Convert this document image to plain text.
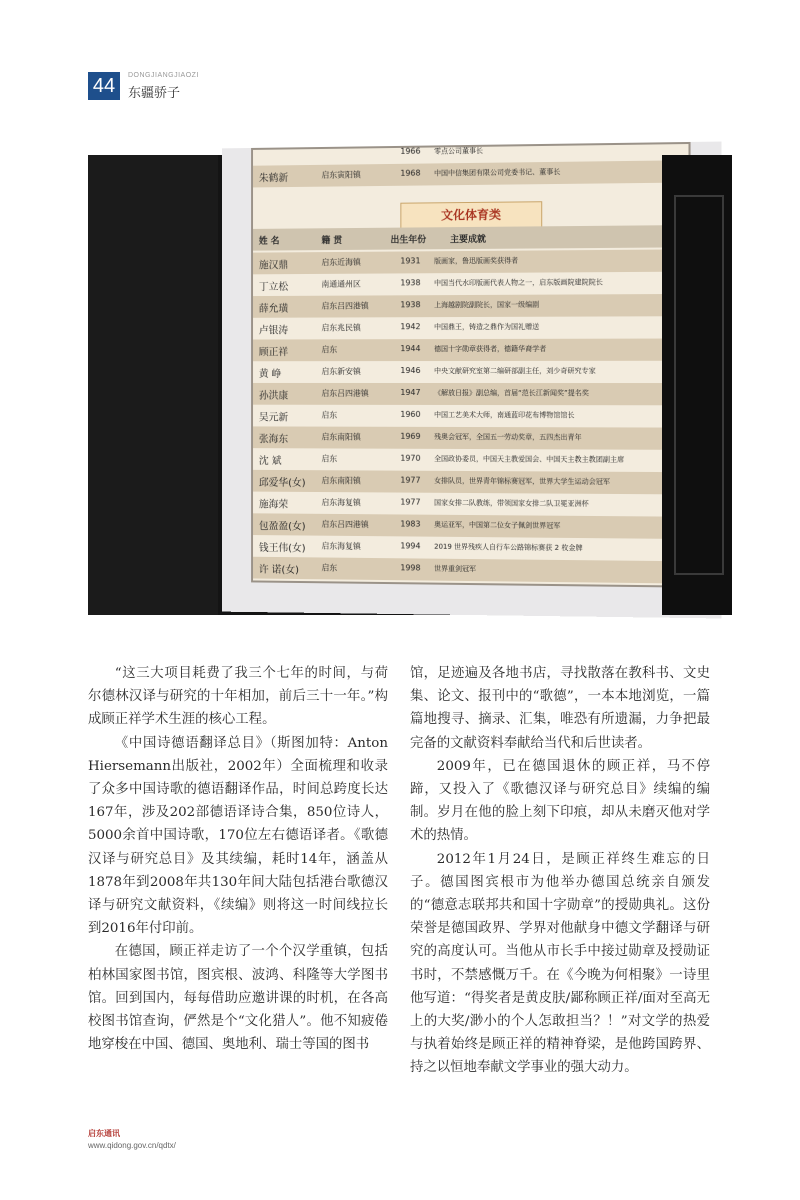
44	DONGJIANGJIAOZI
东疆骄子
1966 零点公司董事长
朱鹤新	启东寅阳镇	1968 中国中信集团有限公司党委书记、董事长
文化体育类
姓 名	籍 贯	出生年份	主要成就
施汉鼎	启东近海镇	1931 版画家，鲁迅版画奖获得者
丁立松	南通通州区	1938 中国当代水印版画代表人物之一，启东版画院建院院长
薛允璜	启东吕四港镇	1938 上海越剧院副院长，国家一级编剧
卢银涛	启东兆民镇	1942 中国鼎王，铸造之鼎作为国礼赠送
顾正祥	启东	1944 德国十字勋章获得者，德籍华裔学者
黄 峥	启东新安镇	1946 中央文献研究室第二编研部副主任，刘少奇研究专家
孙洪康	启东吕四港镇	1947 《解放日报》副总编，首届“范长江新闻奖”提名奖
吴元新	启东	1960 中国工艺美术大师，南通蓝印花布博物馆馆长
张海东	启东南阳镇	1969 残奥会冠军，全国五一劳动奖章，五四杰出青年
沈 斌	启东	1970 全国政协委员，中国天主教爱国会、中国天主教主教团副主席
邱爱华(女) 启东南阳镇	1977 女排队员，世界青年锦标赛冠军，世界大学生运动会冠军
施海荣	启东海复镇	1977 国家女排二队教练，带领国家女排二队卫冕亚洲杯
包盈盈(女) 启东吕四港镇	1983 奥运亚军，中国第二位女子佩剑世界冠军
钱王伟(女) 启东海复镇	1994 2019 世界残疾人自行车公路锦标赛获 2 枚金牌
许 诺(女)	启东	1998 世界重剑冠军

“这三大项目耗费了我三个七年的时间，与荷尔德林汉译与研究的十年相加，前后三十一年。”构成顾正祥学术生涯的核心工程。

《中国诗德语翻译总目》（斯图加特：Anton Hiersemann出版社，2002年）全面梳理和收录了众多中国诗歌的德语翻译作品，时间总跨度长达167年，涉及202部德语译诗合集，850位诗人，5000余首中国诗歌，170位左右德语译者。《歌德汉译与研究总目》及其续编，耗时14年，涵盖从1878年到2008年共130年间大陆包括港台歌德汉译与研究文献资料，《续编》则将这一时间线拉长到2016年付印前。

在德国，顾正祥走访了一个个汉学重镇，包括柏林国家图书馆，图宾根、波鸿、科隆等大学图书馆。回到国内，每每借助应邀讲课的时机，在各高校图书馆查询，俨然是个“文化猎人”。他不知疲倦地穿梭在中国、德国、奥地利、瑞士等国的图书

馆，足迹遍及各地书店，寻找散落在教科书、文史集、论文、报刊中的“歌德”，一本本地浏览，一篇篇地搜寻、摘录、汇集，唯恐有所遗漏，力争把最完备的文献资料奉献给当代和后世读者。

2009年，已在德国退休的顾正祥，马不停蹄，又投入了《歌德汉译与研究总目》续编的编制。岁月在他的脸上刻下印痕，却从未磨灭他对学术的热情。

2012年1月24日，是顾正祥终生难忘的日子。德国图宾根市为他举办德国总统亲自颁发的“德意志联邦共和国十字勋章”的授勋典礼。这份荣誉是德国政界、学界对他献身中德文学翻译与研究的高度认可。当他从市长手中接过勋章及授勋证书时，不禁感慨万千。在《今晚为何相聚》一诗里他写道：“得奖者是黄皮肤/鄙称顾正祥/面对至高无上的大奖/渺小的个人怎敢担当？！”对文学的热爱与执着始终是顾正祥的精神脊梁，是他跨国跨界、持之以恒地奉献文学事业的强大动力。

启东通讯
www.qidong.gov.cn/qdtx/
